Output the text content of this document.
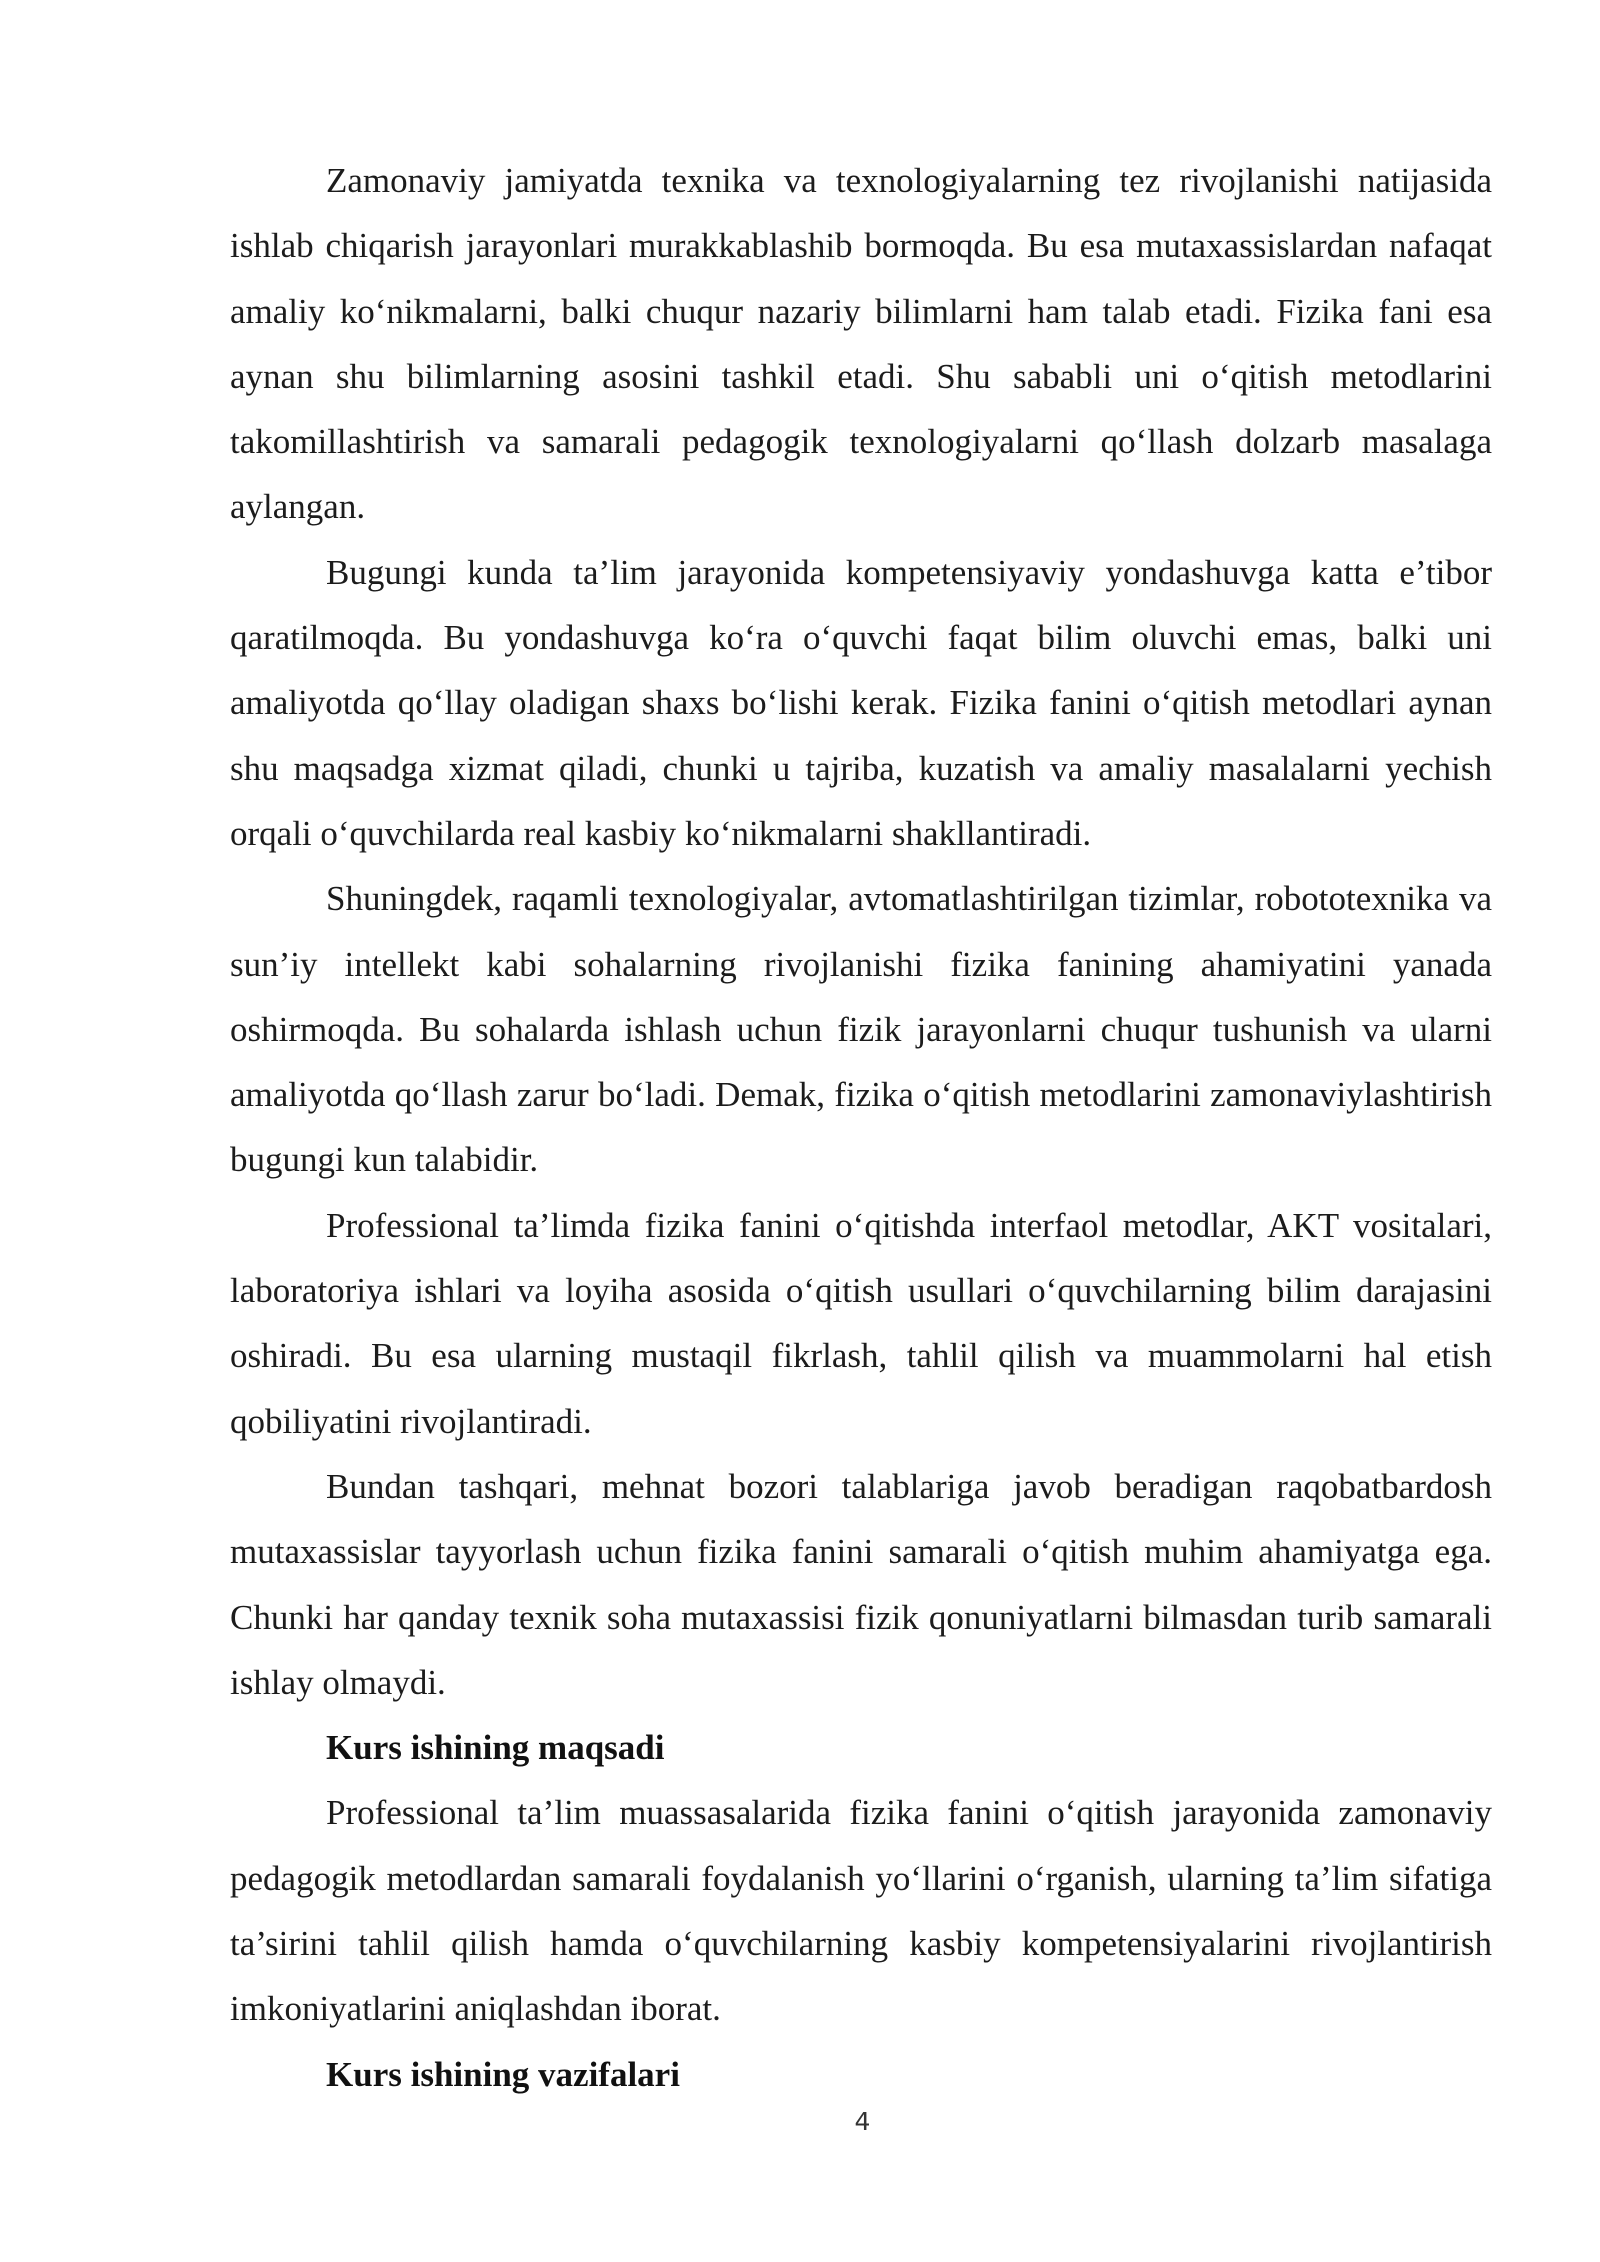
Zamonaviy jamiyatda texnika va texnologiyalarning tez rivojlanishi natijasida ishlab chiqarish jarayonlari murakkablashib bormoqda. Bu esa mutaxassislardan nafaqat amaliy ko‘nikmalarni, balki chuqur nazariy bilimlarni ham talab etadi. Fizika fani esa aynan shu bilimlarning asosini tashkil etadi. Shu sababli uni o‘qitish metodlarini takomillashtirish va samarali pedagogik texnologiyalarni qo‘llash dolzarb masalaga aylangan.

Bugungi kunda ta’lim jarayonida kompetensiyaviy yondashuvga katta e’tibor qaratilmoqda. Bu yondashuvga ko‘ra o‘quvchi faqat bilim oluvchi emas, balki uni amaliyotda qo‘llay oladigan shaxs bo‘lishi kerak. Fizika fanini o‘qitish metodlari aynan shu maqsadga xizmat qiladi, chunki u tajriba, kuzatish va amaliy masalalarni yechish orqali o‘quvchilarda real kasbiy ko‘nikmalarni shakllantiradi.

Shuningdek, raqamli texnologiyalar, avtomatlashtirilgan tizimlar, robototexnika va sun’iy intellekt kabi sohalarning rivojlanishi fizika fanining ahamiyatini yanada oshirmoqda. Bu sohalarda ishlash uchun fizik jarayonlarni chuqur tushunish va ularni amaliyotda qo‘llash zarur bo‘ladi. Demak, fizika o‘qitish metodlarini zamonaviylashtirish bugungi kun talabidir.

Professional ta’limda fizika fanini o‘qitishda interfaol metodlar, AKT vositalari, laboratoriya ishlari va loyiha asosida o‘qitish usullari o‘quvchilarning bilim darajasini oshiradi. Bu esa ularning mustaqil fikrlash, tahlil qilish va muammolarni hal etish qobiliyatini rivojlantiradi.

Bundan tashqari, mehnat bozori talablariga javob beradigan raqobatbardosh mutaxassislar tayyorlash uchun fizika fanini samarali o‘qitish muhim ahamiyatga ega. Chunki har qanday texnik soha mutaxassisi fizik qonuniyatlarni bilmasdan turib samarali ishlay olmaydi.

Kurs ishining maqsadi

Professional ta’lim muassasalarida fizika fanini o‘qitish jarayonida zamonaviy pedagogik metodlardan samarali foydalanish yo‘llarini o‘rganish, ularning ta’lim sifatiga ta’sirini tahlil qilish hamda o‘quvchilarning kasbiy kompetensiyalarini rivojlantirish imkoniyatlarini aniqlashdan iborat.

Kurs ishining vazifalari

4
